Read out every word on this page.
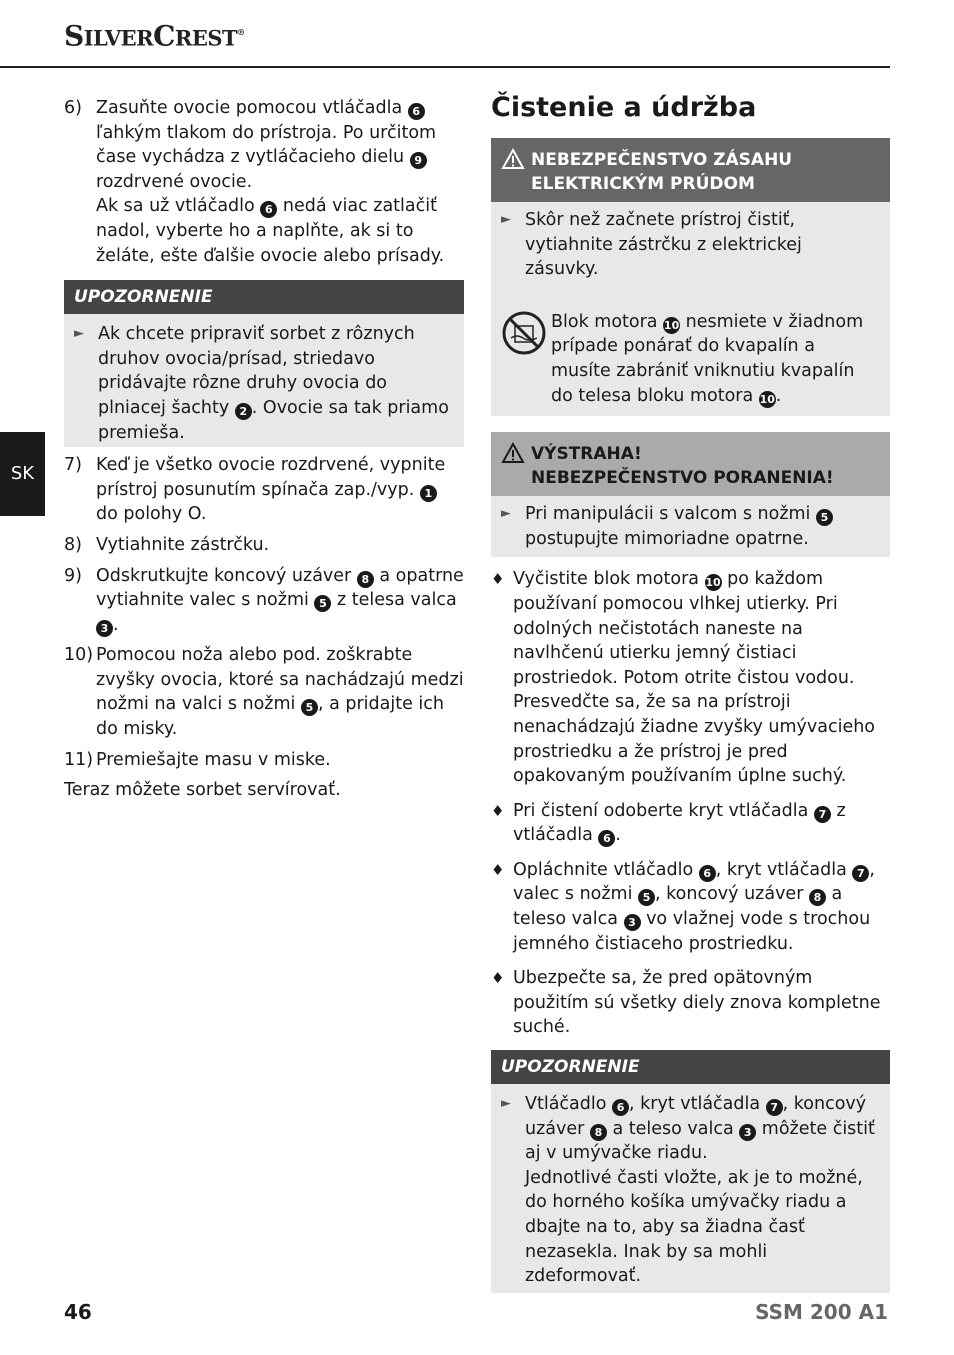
SILVERCREST®
SK
6) Zasuňte ovocie pomocou vtláčadla 6 ľahkým tlakom do prístroja. Po určitom čase vychádza z vytláčacieho dielu 9 rozdrvené ovocie.
Ak sa už vtláčadlo 6 nedá viac zatlačiť nadol, vyberte ho a naplňte, ak si to želáte, ešte ďalšie ovocie alebo prísady.
UPOZORNENIE
► Ak chcete pripraviť sorbet z rôznych druhov ovocia/prísad, striedavo pridávajte rôzne druhy ovocia do plniacej šachty 2 . Ovocie sa tak priamo premieša.
7) Keď je všetko ovocie rozdrvené, vypnite prístroj posunutím spínača zap./vyp. 1 do polohy O.
8) Vytiahnite zástrčku.
9) Odskrutkujte koncový uzáver 8 a opatrne vytiahnite valec s nožmi 5 z telesa valca 3 .
10) Pomocou noža alebo pod. zoškrabte zvyšky ovocia, ktoré sa nachádzajú medzi nožmi na valci s nožmi 5 , a pridajte ich do misky.
11) Premiešajte masu v miske.
Teraz môžete sorbet servírovať.
Čistenie a údržba
NEBEZPEČENSTVO ZÁSAHU
ELEKTRICKÝM PRÚDOM
► Skôr než začnete prístroj čistiť, vytiahnite zástrčku z elektrickej zásuvky.
Blok motora 10 nesmiete v žiadnom prípade ponárať do kvapalín a musíte zabrániť vniknutiu kvapalín do telesa bloku motora 10.
VÝSTRAHA!
NEBEZPEČENSTVO PORANENIA!
► Pri manipulácii s valcom s nožmi 5 postupujte mimoriadne opatrne.
♦ Vyčistite blok motora 10 po každom používaní pomocou vlhkej utierky. Pri odolných nečistotách naneste na navlhčenú utierku jemný čistiaci prostriedok. Potom otrite čistou vodou. Presvedčte sa, že sa na prístroji nenachádzajú žiadne zvyšky umývacieho prostriedku a že prístroj je pred opakovaným používaním úplne suchý.
♦ Pri čistení odoberte kryt vtláčadla 7 z vtláčadla 6 .
♦ Opláchnite vtláčadlo 6 , kryt vtláčadla 7 , valec s nožmi 5 , koncový uzáver 8 a teleso valca 3 vo vlažnej vode s trochou jemného čistiaceho prostriedku.
♦ Ubezpečte sa, že pred opätovným použitím sú všetky diely znova kompletne suché.
UPOZORNENIE
► Vtláčadlo 6 , kryt vtláčadla 7 , koncový uzáver 8 a teleso valca 3 môžete čistiť aj v umývačke riadu.
Jednotlivé časti vložte, ak je to možné, do horného košíka umývačky riadu a dbajte na to, aby sa žiadna časť nezasekla. Inak by sa mohli zdeformovať.
46	SSM 200 A1
